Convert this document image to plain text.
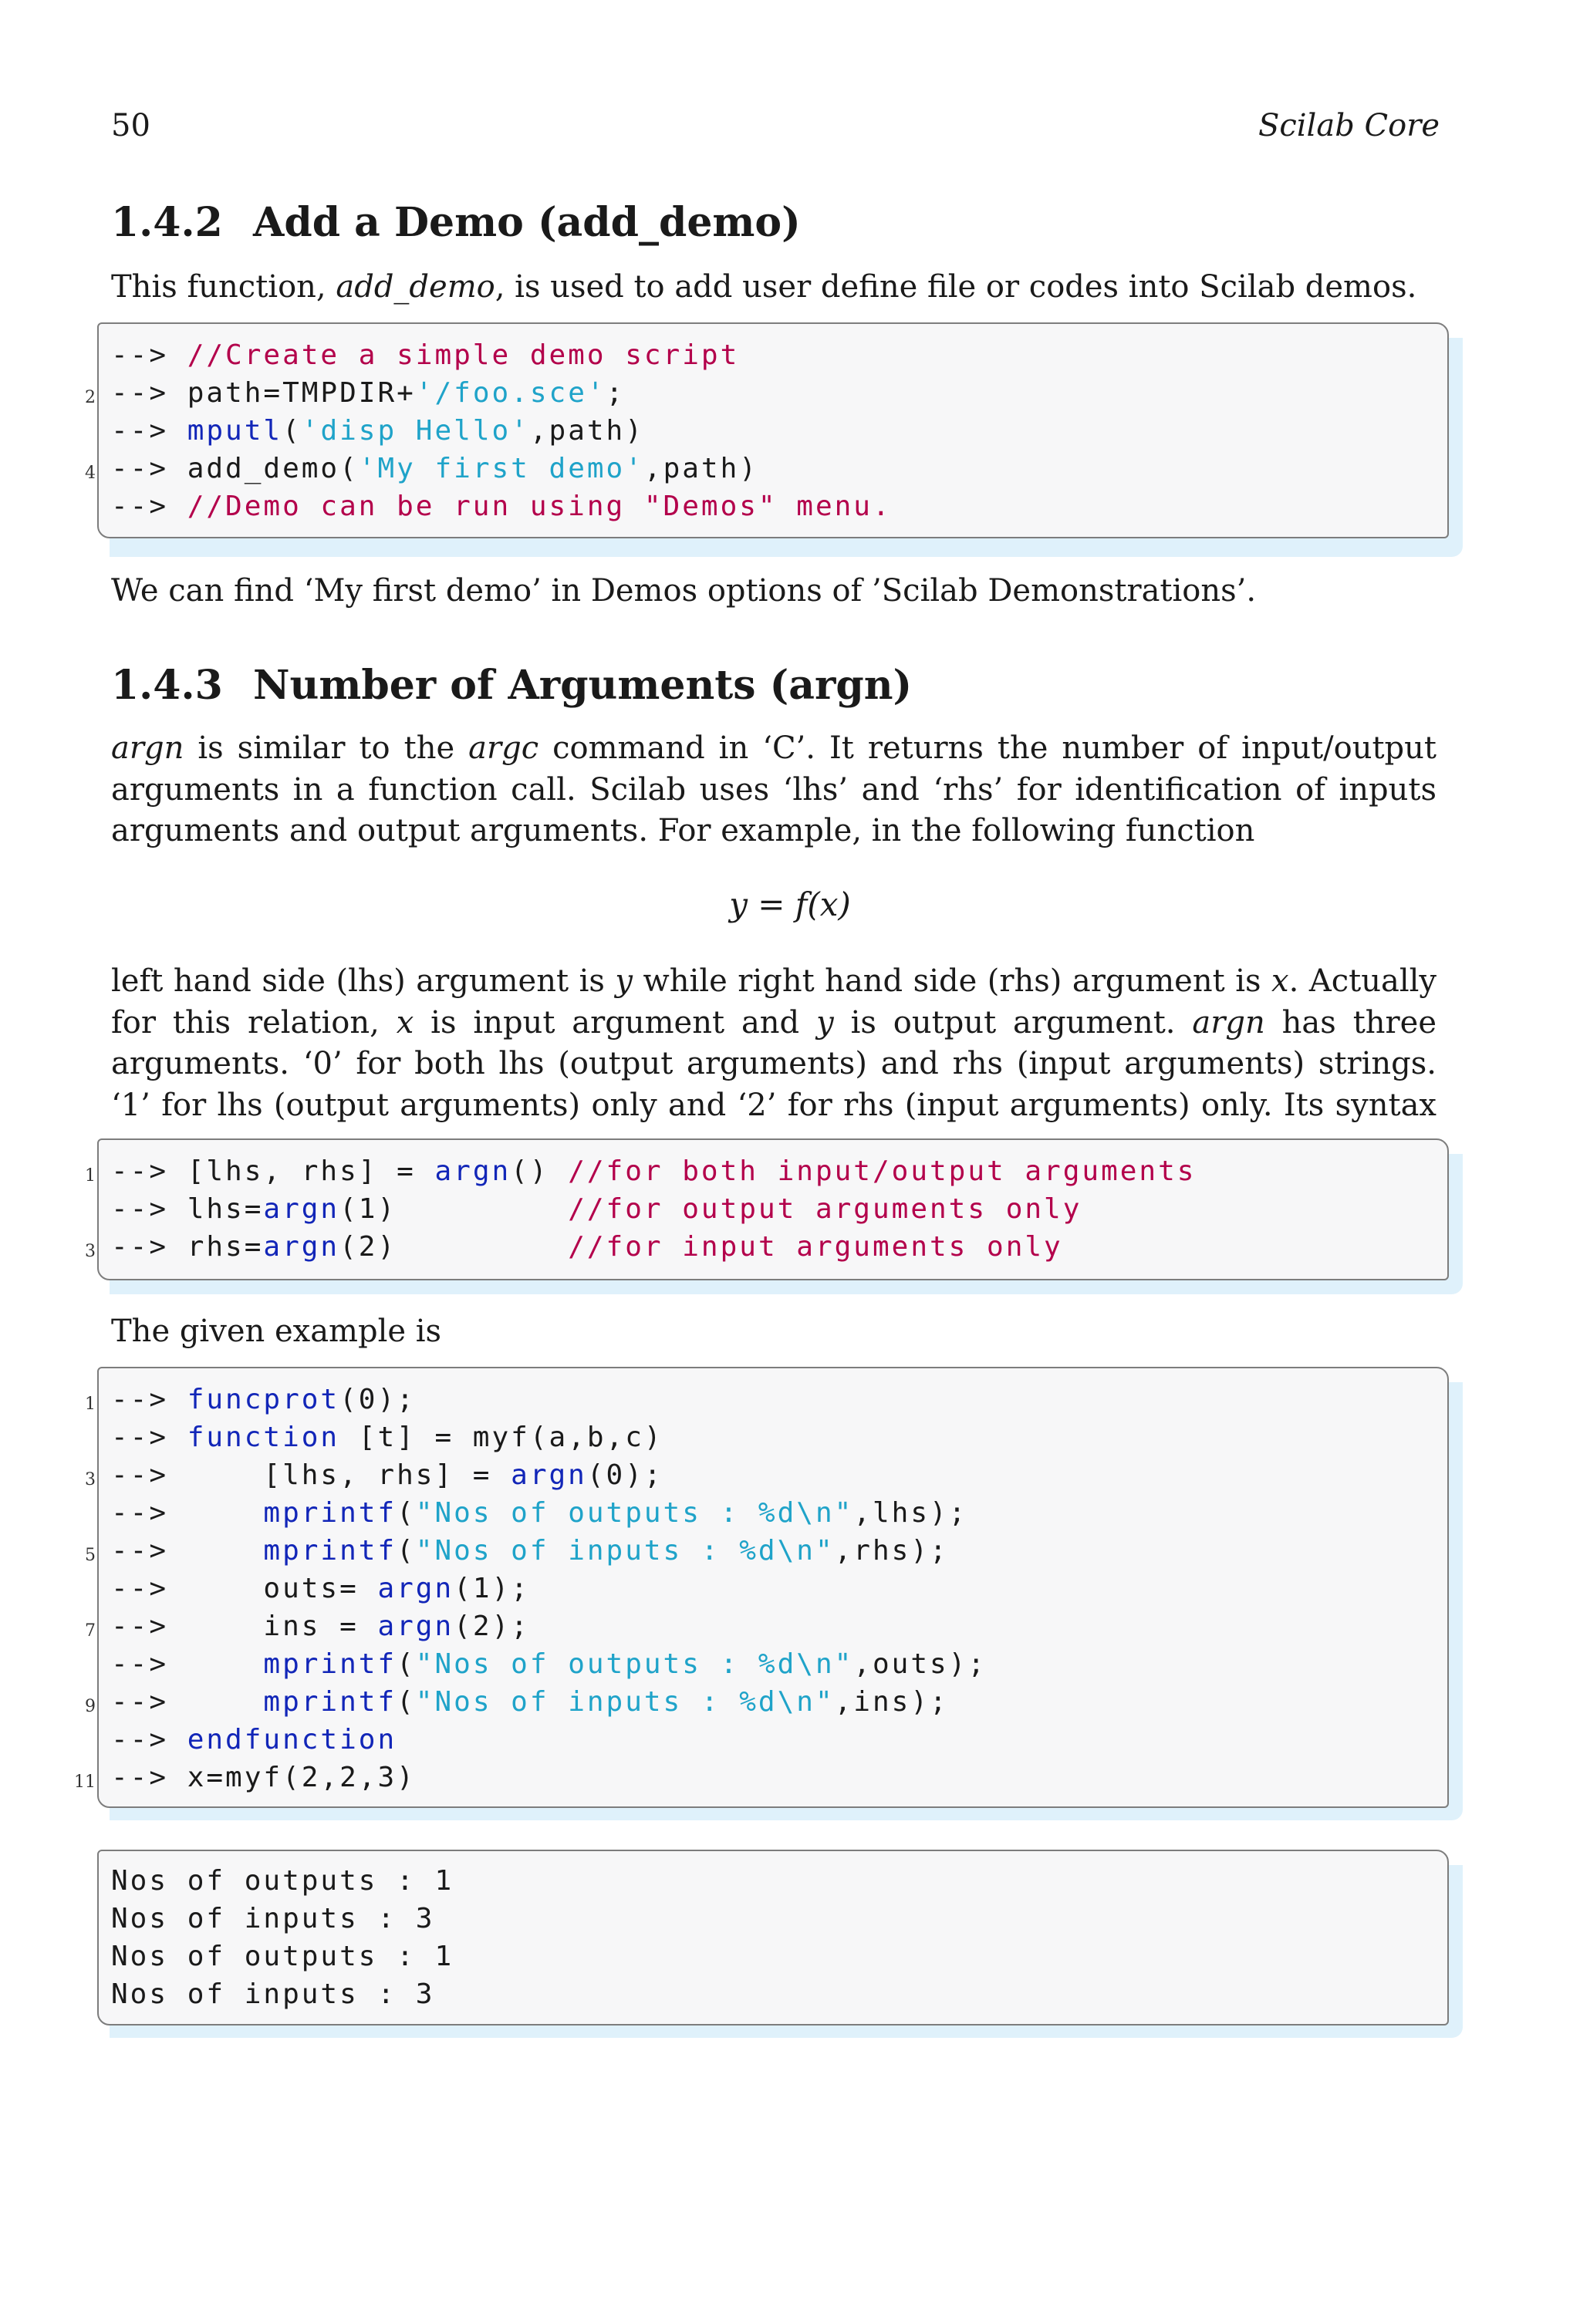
50	Scilab Core
1.4.2 Add a Demo (add_demo)
This function, add_demo, is used to add user define file or codes into Scilab demos.
2
4
--> //Create a simple demo script
--> path=TMPDIR+'/foo.sce';
--> mputl('disp Hello',path)
--> add_demo('My first demo',path)
--> //Demo can be run using "Demos" menu.
We can find ‘My first demo’ in Demos options of ’Scilab Demonstrations’.
1.4.3 Number of Arguments (argn)
argn is similar to the argc command in ‘C’. It returns the number of input/output arguments in a function call. Scilab uses ‘lhs’ and ‘rhs’ for identification of inputs arguments and output arguments. For example, in the following function
y = f(x)
left hand side (lhs) argument is y while right hand side (rhs) argument is x. Actually for this relation, x is input argument and y is output argument. argn has three arguments. ‘0’ for both lhs (output arguments) and rhs (input arguments) strings. ‘1’ for lhs (output arguments) only and ‘2’ for rhs (input arguments) only. Its syntax
1
3
--> [lhs, rhs] = argn() //for both input/output arguments
--> lhs=argn(1)         //for output arguments only
--> rhs=argn(2)         //for input arguments only
The given example is
1
3
5
7
9
11
--> funcprot(0);
--> function [t] = myf(a,b,c)
-->     [lhs, rhs] = argn(0);
-->     mprintf("Nos of outputs : %d\n",lhs);
-->     mprintf("Nos of inputs : %d\n",rhs);
-->     outs= argn(1);
-->     ins = argn(2);
-->     mprintf("Nos of outputs : %d\n",outs);
-->     mprintf("Nos of inputs : %d\n",ins);
--> endfunction
--> x=myf(2,2,3)
Nos of outputs : 1
Nos of inputs : 3
Nos of outputs : 1
Nos of inputs : 3
